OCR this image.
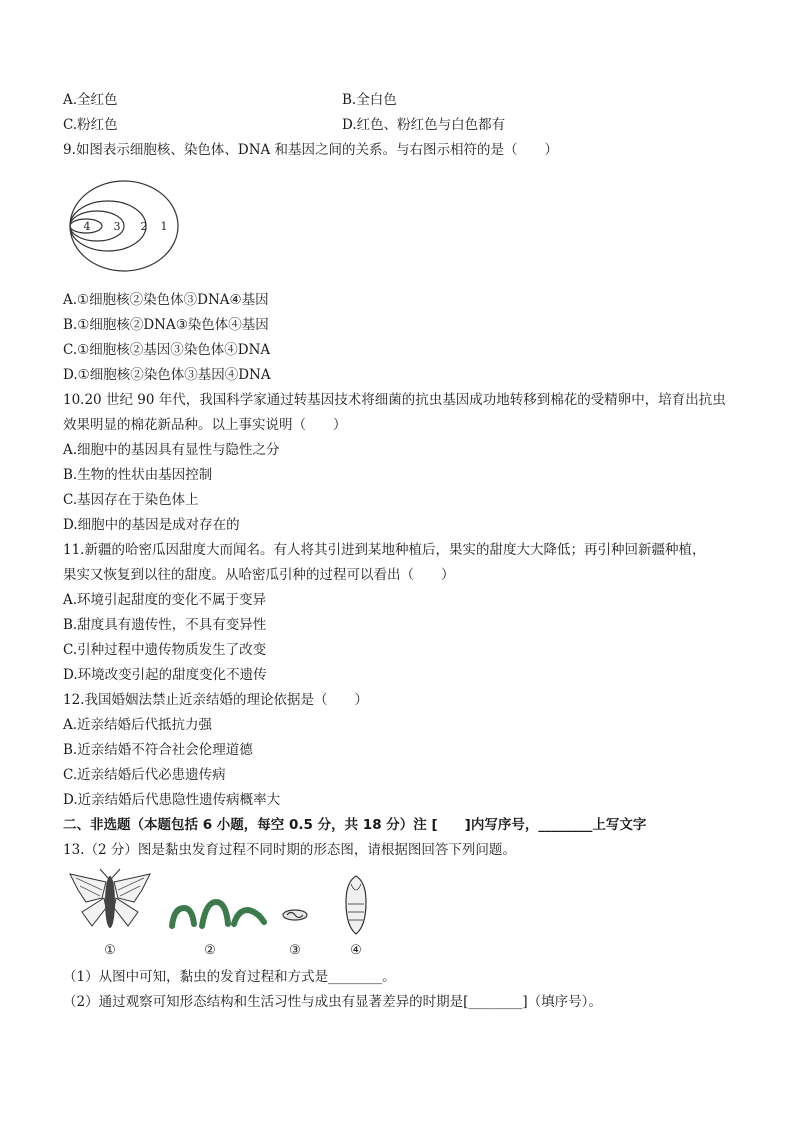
A.全红色	B.全白色
C.粉红色	D.红色、粉红色与白色都有
9.如图表示细胞核、染色体、DNA 和基因之间的关系。与右图示相符的是（　　）
4 3 2 1
A.①细胞核②染色体③DNA④基因
B.①细胞核②DNA③染色体④基因
C.①细胞核②基因③染色体④DNA
D.①细胞核②染色体③基因④DNA
10.20 世纪 90 年代，我国科学家通过转基因技术将细菌的抗虫基因成功地转移到棉花的受精卵中，培育出抗虫
效果明显的棉花新品种。以上事实说明（　　）
A.细胞中的基因具有显性与隐性之分
B.生物的性状由基因控制
C.基因存在于染色体上
D.细胞中的基因是成对存在的
11.新疆的哈密瓜因甜度大而闻名。有人将其引进到某地种植后，果实的甜度大大降低；再引种回新疆种植，
果实又恢复到以往的甜度。从哈密瓜引种的过程可以看出（　　）
A.环境引起甜度的变化不属于变异
B.甜度具有遗传性，不具有变异性
C.引种过程中遗传物质发生了改变
D.环境改变引起的甜度变化不遗传
12.我国婚姻法禁止近亲结婚的理论依据是（　　）
A.近亲结婚后代抵抗力强
B.近亲结婚不符合社会伦理道德
C.近亲结婚后代必患遗传病
D.近亲结婚后代患隐性遗传病概率大
二、非选题（本题包括 6 小题，每空 0.5 分，共 18 分）注 [　　]内写序号，________上写文字
13.（2 分）图是黏虫发育过程不同时期的形态图，请根据图回答下列问题。
①	②	③	④
（1）从图中可知，黏虫的发育过程和方式是________。
（2）通过观察可知形态结构和生活习性与成虫有显著差异的时期是[________]（填序号）。
